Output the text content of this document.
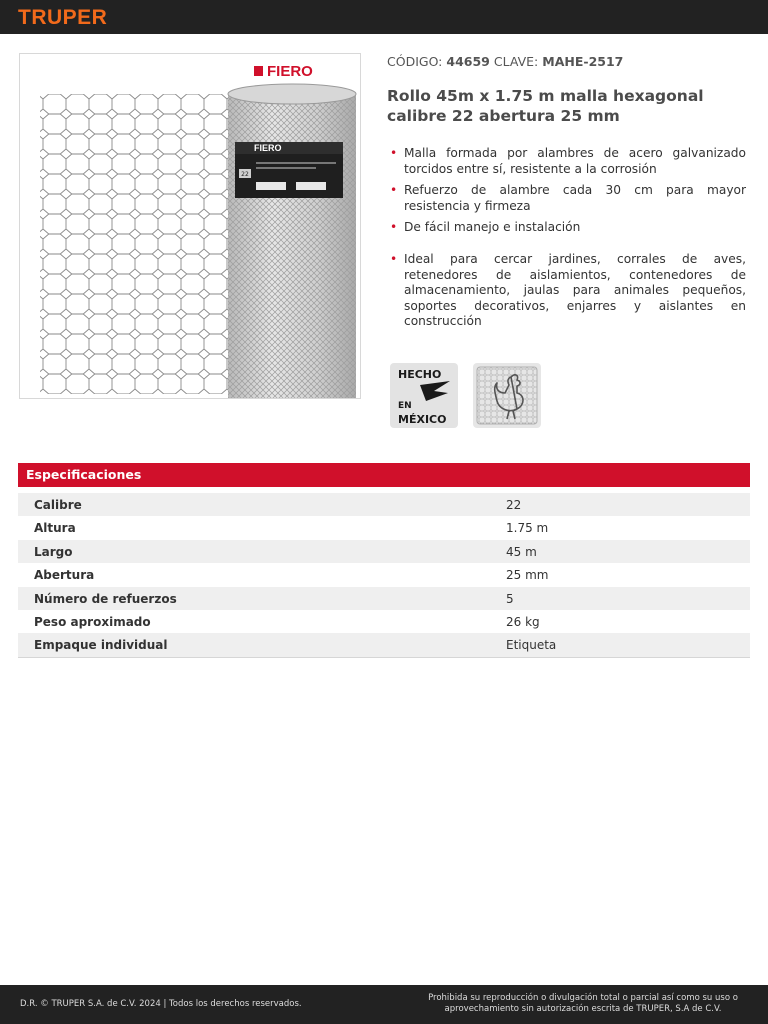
TRUPER
22
FIERO
FIERO
CÓDIGO: 44659 CLAVE: MAHE-2517
Rollo 45m x 1.75 m malla hexagonal calibre 22 abertura 25 mm
• Malla formada por alambres de acero galvanizado torcidos entre sí, resistente a la corrosión
• Refuerzo de alambre cada 30 cm para mayor resistencia y firmeza
• De fácil manejo e instalación
• Ideal para cercar jardines, corrales de aves, retenedores de aislamientos, contenedores de almacenamiento, jaulas para animales pequeños, soportes decorativos, enjarres y aislantes en construcción
HECHO
EN
MÉXICO
Especificaciones
Calibre	22
Altura	1.75 m
Largo	45 m
Abertura	25 mm
Número de refuerzos	5
Peso aproximado	26 kg
Empaque individual	Etiqueta
D.R. © TRUPER S.A. de C.V. 2024 | Todos los derechos reservados.
Prohibida su reproducción o divulgación total o parcial así como su uso o aprovechamiento sin autorización escrita de TRUPER, S.A de C.V.
